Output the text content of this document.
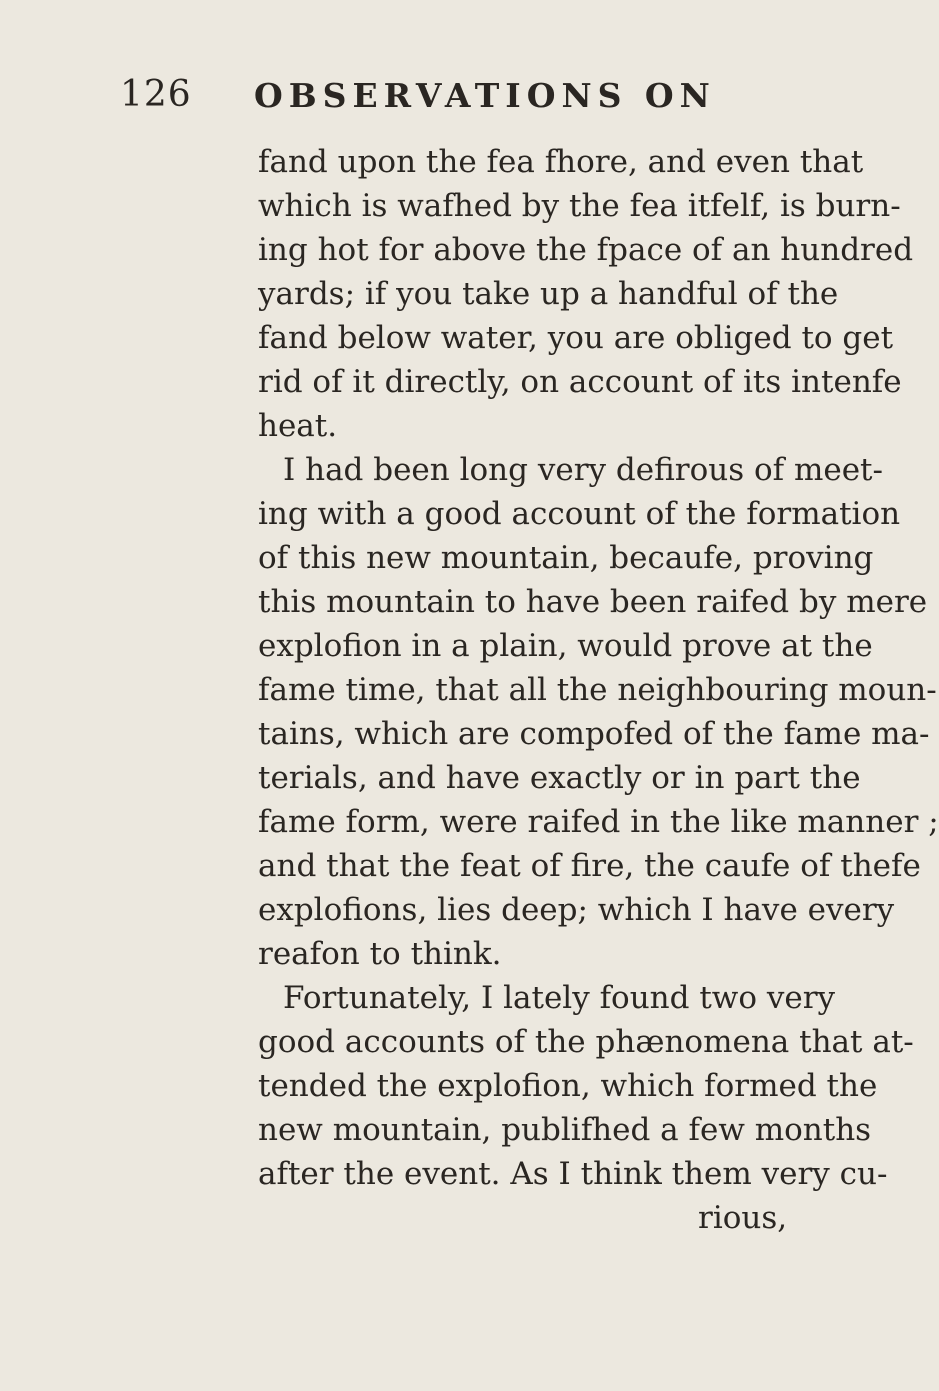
126 OBSERVATIONS ON
fand upon the fea fhore, and even that
which is wafhed by the fea itfelf, is burn-
ing hot for above the fpace of an hundred
yards; if you take up a handful of the
fand below water, you are obliged to get
rid of it directly, on account of its intenfe
heat.
I had been long very defirous of meet-
ing with a good account of the formation
of this new mountain, becaufe, proving
this mountain to have been raifed by mere
explofion in a plain, would prove at the
fame time, that all the neighbouring moun-
tains, which are compofed of the fame ma-
terials, and have exactly or in part the
fame form, were raifed in the like manner ;
and that the feat of fire, the caufe of thefe
explofions, lies deep; which I have every
reafon to think.
Fortunately, I lately found two very
good accounts of the phænomena that at-
tended the explofion, which formed the
new mountain, publifhed a few months
after the event. As I think them very cu-
rious,
